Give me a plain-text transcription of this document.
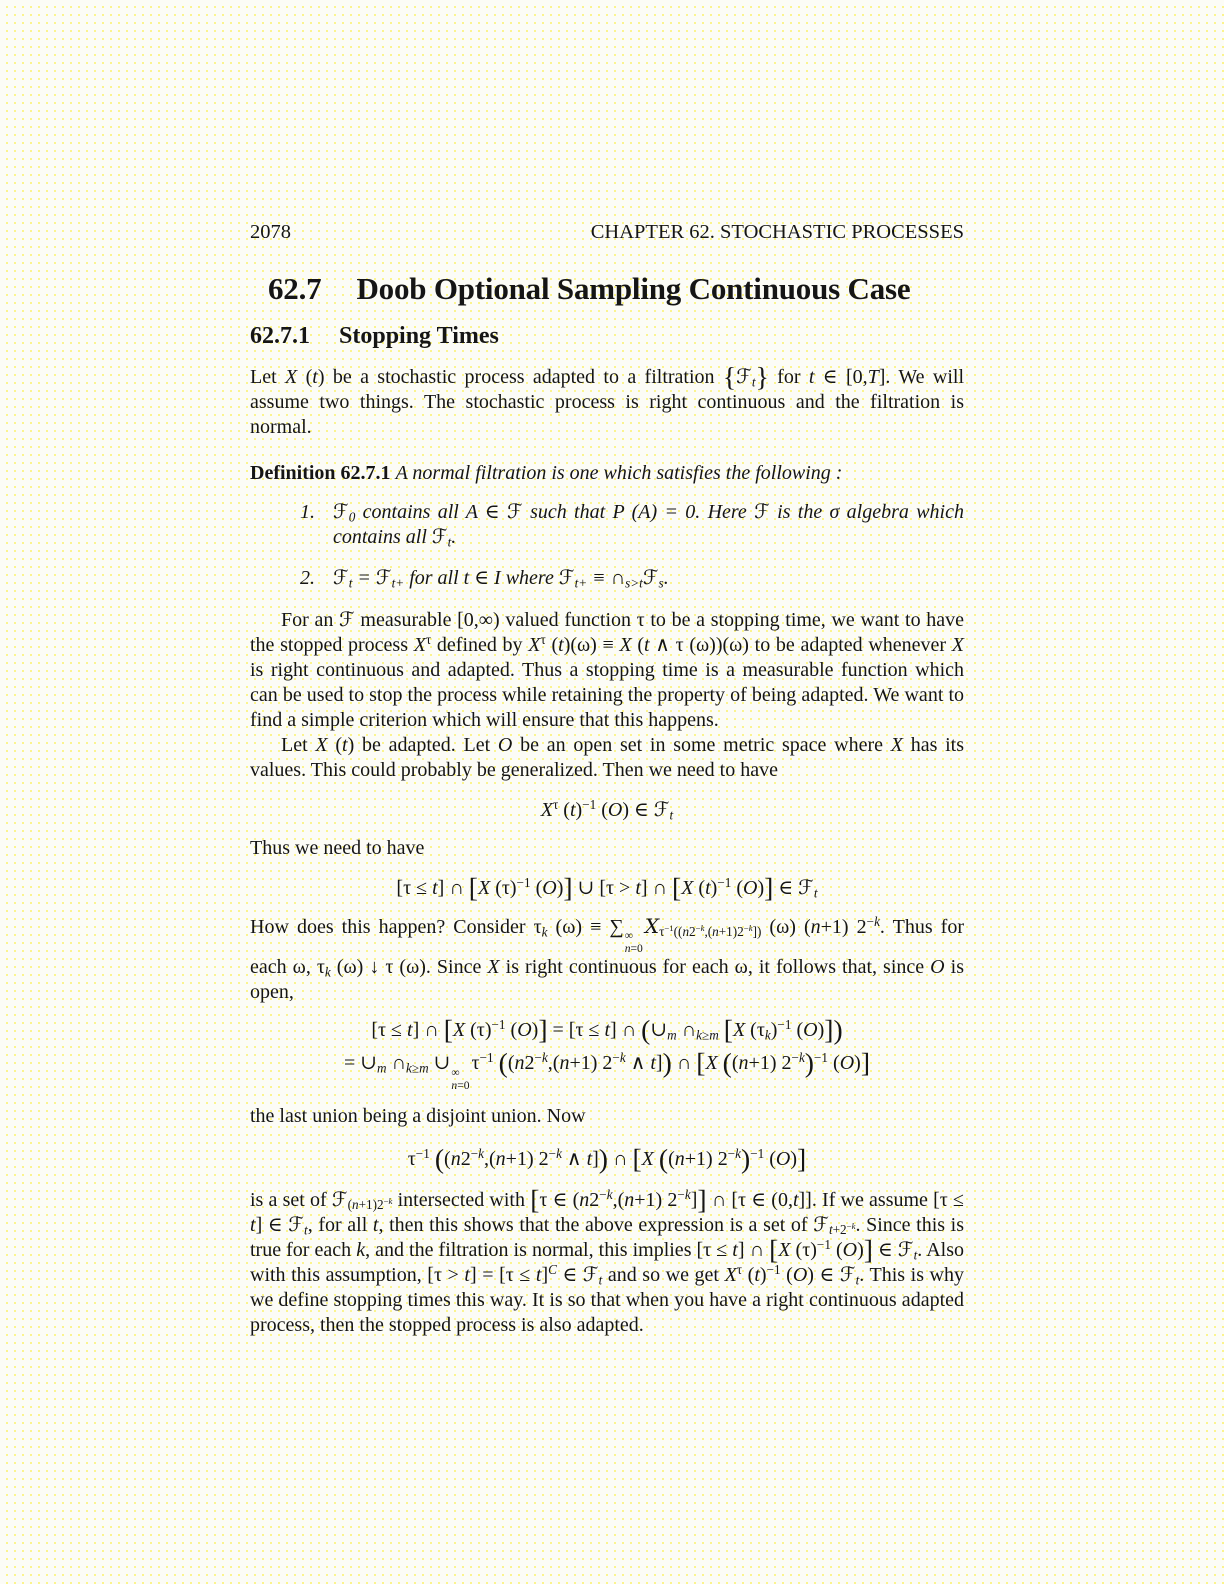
2078	CHAPTER 62. STOCHASTIC PROCESSES
62.7 Doob Optional Sampling Continuous Case
62.7.1 Stopping Times

Let X (t) be a stochastic process adapted to a filtration {ℱ$_t$} for t ∈ [0,T]. We will assume two things. The stochastic process is right continuous and the filtration is normal.

Definition 62.7.1 A normal filtration is one which satisfies the following :

1. ℱ$_0$ contains all A ∈ ℱ such that P (A) = 0. Here ℱ is the σ algebra which contains all ℱ$_t$.
2. ℱ$_t$ = ℱ$_{t+}$ for all t ∈ I where ℱ$_{t+}$ ≡ $\cap_{s>t}ℱ_s$.

For an ℱ measurable [0,∞) valued function τ to be a stopping time, we want to have the stopped process $X^\tau$ defined by $X^\tau$ (t)(ω) ≡ X (t ∧ τ (ω))(ω) to be adapted whenever X is right continuous and adapted. Thus a stopping time is a measurable function which can be used to stop the process while retaining the property of being adapted. We want to find a simple criterion which will ensure that this happens.

Let X (t) be adapted. Let O be an open set in some metric space where X has its values. This could probably be generalized. Then we need to have

$X^\tau$ $(t)^{-1}$ (O) ∈ ℱ$_t$

Thus we need to have

[τ ≤ t] ∩ [X $(\tau)^{-1}$ (O)] ∪ [τ > t] ∩ [X $(t)^{-1}$ (O)] ∈ ℱ$_t$

How does this happen? Consider $\tau_k$ (ω) ≡ ∑ ∞
n=0
$X_{\tau^{-1}((n2^{-k},(n+1)2^{-k}])}$ (ω) (n+1) $2^{-k}$. Thus for each ω, $\tau_k$ (ω) ↓ τ (ω). Since X is right continuous for each ω, it follows that, since O is open,

[τ ≤ t] ∩ [X $(\tau)^{-1}$ (O)] = [τ ≤ t] ∩ ($\cup_m$ $\cap_{k\ge m}$ [X $(\tau_k)^{-1}$ (O)])
= $\cup_m$ $\cap_{k\ge m}$ ∪ ∞
n=0
$\tau^{-1}$ (($n2^{-k},(n+1)$ $2^{-k}$ ∧ t]) ∩ [X ((n+1) $2^{-k})^{-1}$ (O)]

the last union being a disjoint union. Now

$\tau^{-1}$ (($n2^{-k},(n+1)$ $2^{-k}$ ∧ t]) ∩ [X ((n+1) $2^{-k})^{-1}$ (O)]

is a set of ℱ$_{(n+1)2^{-k}}$ intersected with [τ ∈ ($n2^{-k},(n+1)$ $2^{-k}$]] ∩ [τ ∈ (0,t]]. If we assume [τ ≤ t] ∈ ℱ$_t$, for all t, then this shows that the above expression is a set of ℱ$_{t+2^{-k}}$. Since this is true for each k, and the filtration is normal, this implies [τ ≤ t] ∩ [X $(\tau)^{-1}$ (O)] ∈ ℱ$_t$. Also with this assumption, [τ > t] = [τ ≤ t]$^C$ ∈ ℱ$_t$ and so we get $X^\tau$ $(t)^{-1}$ (O) ∈ ℱ$_t$. This is why we define stopping times this way. It is so that when you have a right continuous adapted process, then the stopped process is also adapted.
